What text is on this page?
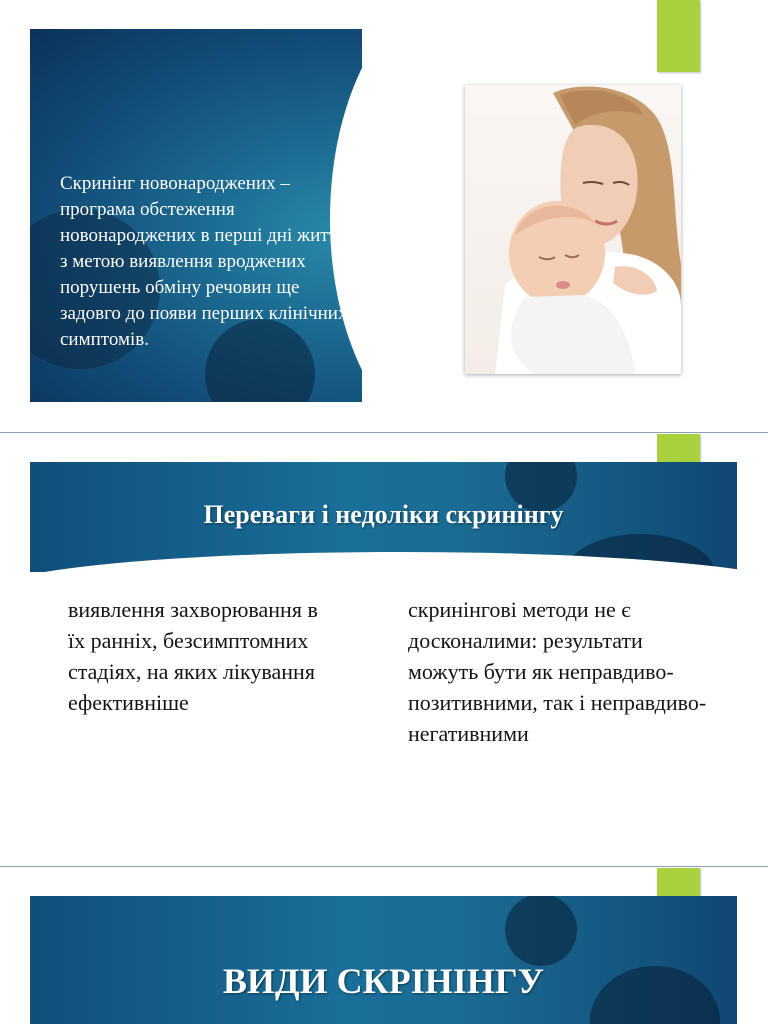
Скринінг новонароджених – програма обстеження новонароджених в перші дні життя з метою виявлення вроджених порушень обміну речовин ще задовго до появи перших клінічних симптомів.

Переваги і недоліки скринінгу

виявлення захворювання в їх ранніх, безсимптомних стадіях, на яких лікування ефективніше

скринінгові методи не є досконалими: результати можуть бути як неправдиво-позитивними, так і неправдиво- негативними

ВИДИ СКРІНІНГУ
